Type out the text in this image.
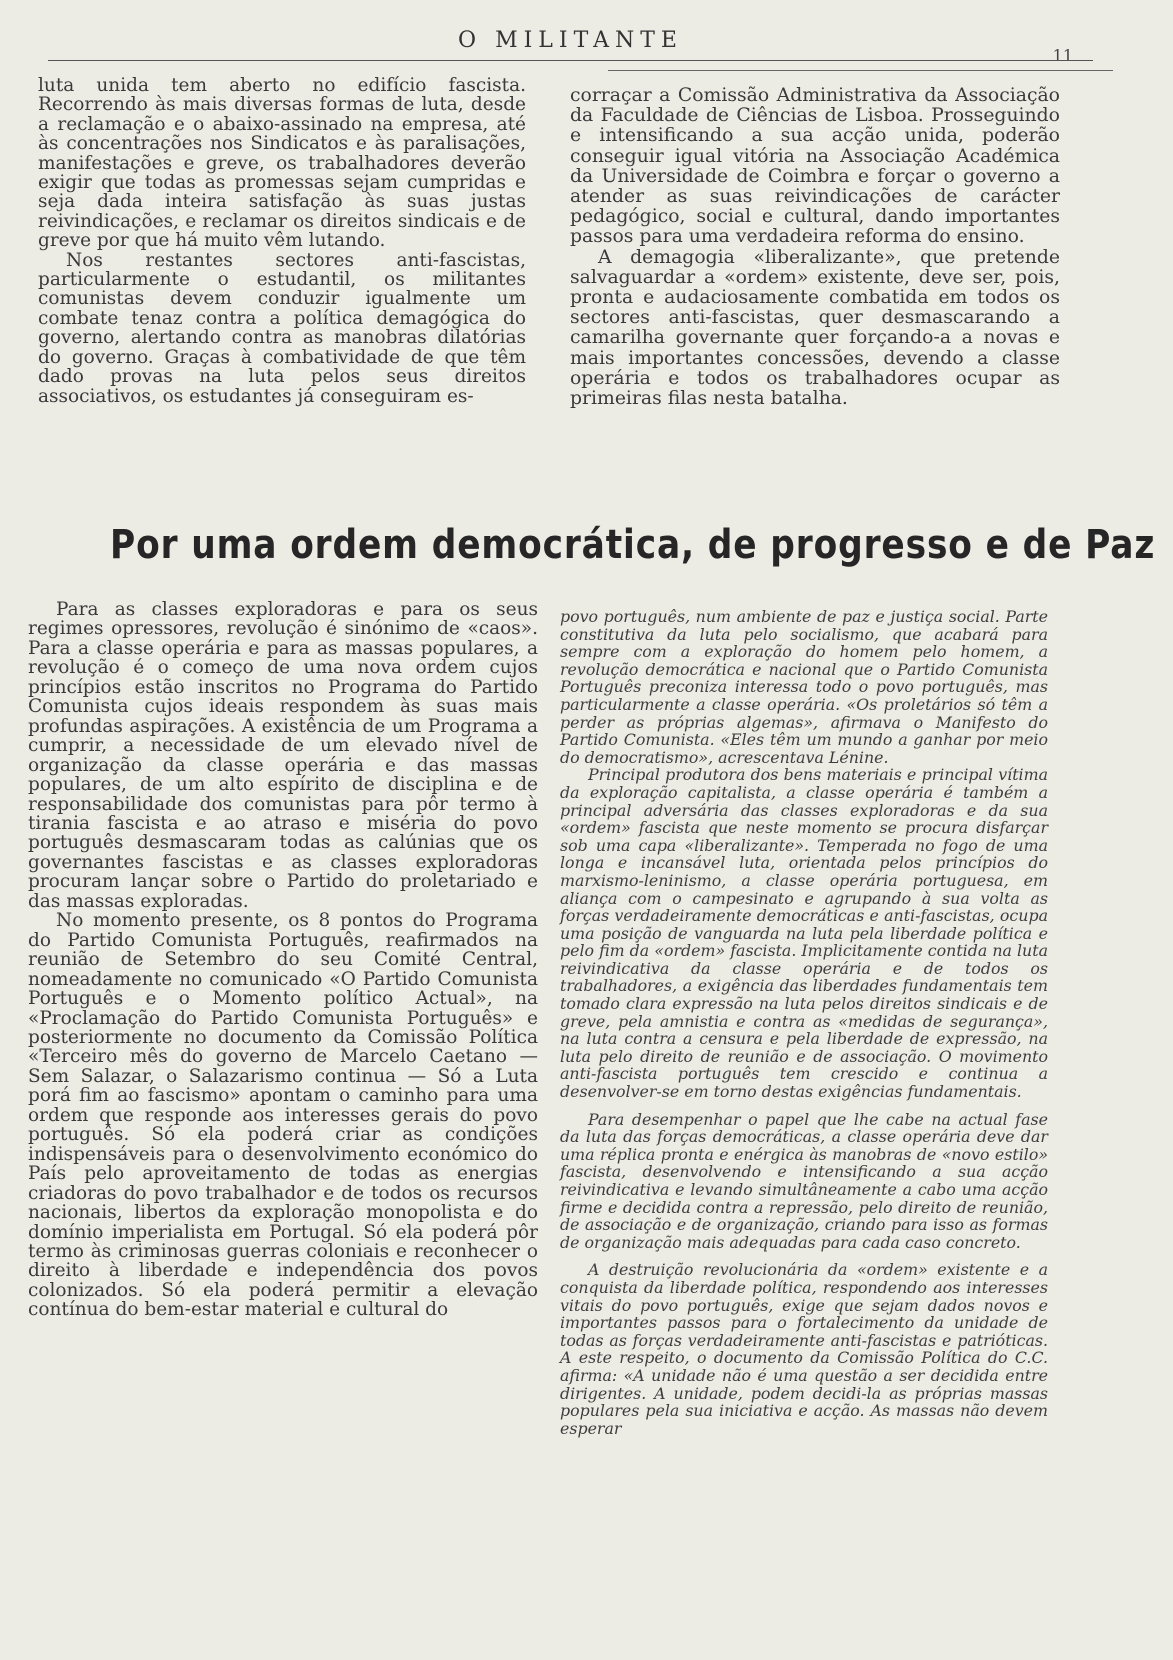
O MILITANTE
11

luta unida tem aberto no edifício fascista. Recorrendo às mais diversas formas de luta, desde a reclamação e o abaixo-assinado na empresa, até às concentrações nos Sindicatos e às paralisações, manifestações e greve, os trabalhadores deverão exigir que todas as promessas sejam cumpridas e seja dada inteira satisfação às suas justas reivindicações, e reclamar os direitos sindicais e de greve por que há muito vêm lutando.

Nos restantes sectores anti-fascistas, particularmente o estudantil, os militantes comunistas devem conduzir igualmente um combate tenaz contra a política demagógica do governo, alertando contra as manobras dilatórias do governo. Graças à combatividade de que têm dado provas na luta pelos seus direitos associativos, os estudantes já conseguiram es-

corraçar a Comissão Administrativa da Associação da Faculdade de Ciências de Lisboa. Prosseguindo e intensificando a sua acção unida, poderão conseguir igual vitória na Associação Académica da Universidade de Coimbra e forçar o governo a atender as suas reivindicações de carácter pedagógico, social e cultural, dando importantes passos para uma verdadeira reforma do ensino.

A demagogia «liberalizante», que pretende salvaguardar a «ordem» existente, deve ser, pois, pronta e audaciosamente combatida em todos os sectores anti-fascistas, quer desmascarando a camarilha governante quer forçando-a a novas e mais importantes concessões, devendo a classe operária e todos os trabalhadores ocupar as primeiras filas nesta batalha.

Por uma ordem democrática, de progresso e de Paz

Para as classes exploradoras e para os seus regimes opressores, revolução é sinónimo de «caos». Para a classe operária e para as massas populares, a revolução é o começo de uma nova ordem cujos princípios estão inscritos no Programa do Partido Comunista cujos ideais respondem às suas mais profundas aspirações. A existência de um Programa a cumprir, a necessidade de um elevado nível de organização da classe operária e das massas populares, de um alto espírito de disciplina e de responsabilidade dos comunistas para pôr termo à tirania fascista e ao atraso e miséria do povo português desmascaram todas as calúnias que os governantes fascistas e as classes exploradoras procuram lançar sobre o Partido do proletariado e das massas exploradas.

No momento presente, os 8 pontos do Programa do Partido Comunista Português, reafirmados na reunião de Setembro do seu Comité Central, nomeadamente no comunicado «O Partido Comunista Português e o Momento político Actual», na «Proclamação do Partido Comunista Português» e posteriormente no documento da Comissão Política «Terceiro mês do governo de Marcelo Caetano — Sem Salazar, o Salazarismo continua — Só a Luta porá fim ao fascismo» apontam o caminho para uma ordem que responde aos interesses gerais do povo português. Só ela poderá criar as condições indispensáveis para o desenvolvimento económico do País pelo aproveitamento de todas as energias criadoras do povo trabalhador e de todos os recursos nacionais, libertos da exploração monopolista e do domínio imperialista em Portugal. Só ela poderá pôr termo às criminosas guerras coloniais e reconhecer o direito à liberdade e independência dos povos colonizados. Só ela poderá permitir a elevação contínua do bem-estar material e cultural do

povo português, num ambiente de paz e justiça social. Parte constitutiva da luta pelo socialismo, que acabará para sempre com a exploração do homem pelo homem, a revolução democrática e nacional que o Partido Comunista Português preconiza interessa todo o povo português, mas particularmente a classe operária. «Os proletários só têm a perder as próprias algemas», afirmava o Manifesto do Partido Comunista. «Eles têm um mundo a ganhar por meio do democratismo», acrescentava Lénine.

Principal produtora dos bens materiais e principal vítima da exploração capitalista, a classe operária é também a principal adversária das classes exploradoras e da sua «ordem» fascista que neste momento se procura disfarçar sob uma capa «liberalizante». Temperada no fogo de uma longa e incansável luta, orientada pelos princípios do marxismo-leninismo, a classe operária portuguesa, em aliança com o campesinato e agrupando à sua volta as forças verdadeiramente democráticas e anti-fascistas, ocupa uma posição de vanguarda na luta pela liberdade política e pelo fim da «ordem» fascista. Implicitamente contida na luta reivindicativa da classe operária e de todos os trabalhadores, a exigência das liberdades fundamentais tem tomado clara expressão na luta pelos direitos sindicais e de greve, pela amnistia e contra as «medidas de segurança», na luta contra a censura e pela liberdade de expressão, na luta pelo direito de reunião e de associação. O movimento anti-fascista português tem crescido e continua a desenvolver-se em torno destas exigências fundamentais.

Para desempenhar o papel que lhe cabe na actual fase da luta das forças democráticas, a classe operária deve dar uma réplica pronta e enérgica às manobras de «novo estilo» fascista, desenvolvendo e intensificando a sua acção reivindicativa e levando simultâneamente a cabo uma acção firme e decidida contra a repressão, pelo direito de reunião, de associação e de organização, criando para isso as formas de organização mais adequadas para cada caso concreto.

A destruição revolucionária da «ordem» existente e a conquista da liberdade política, respondendo aos interesses vitais do povo português, exige que sejam dados novos e importantes passos para o fortalecimento da unidade de todas as forças verdadeiramente anti-fascistas e patrióticas. A este respeito, o documento da Comissão Política do C.C. afirma: «A unidade não é uma questão a ser decidida entre dirigentes. A unidade, podem decidi-la as próprias massas populares pela sua iniciativa e acção. As massas não devem esperar
